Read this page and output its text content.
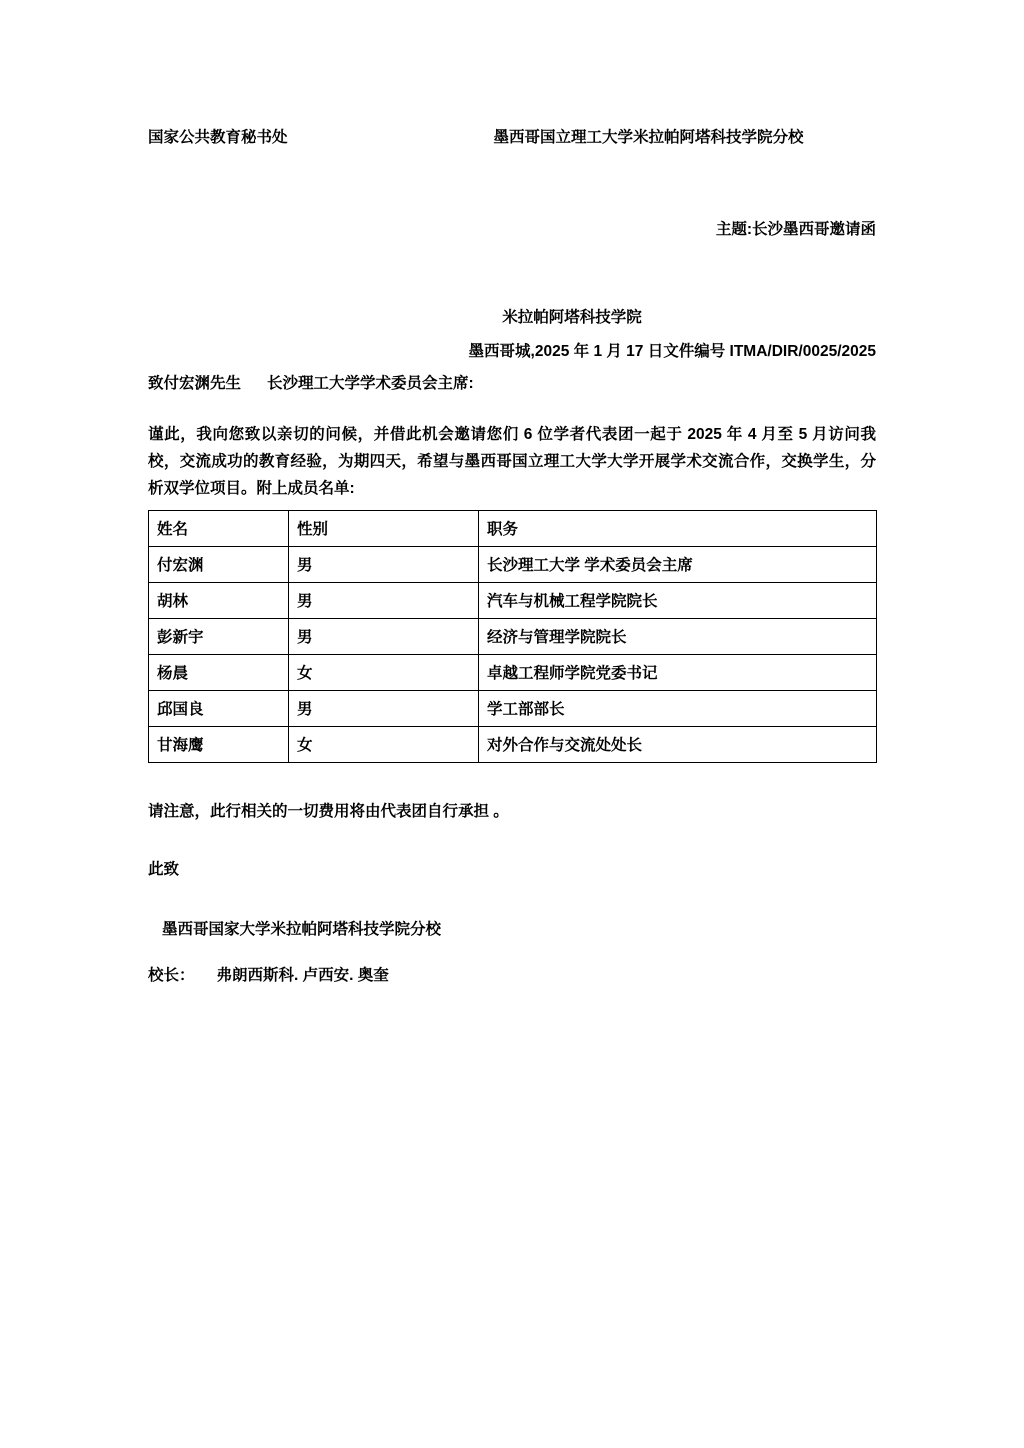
国家公共教育秘书处	墨西哥国立理工大学米拉帕阿塔科技学院分校
主题:长沙墨西哥邀请函
米拉帕阿塔科技学院
墨西哥城,2025 年 1 月 17 日文件编号 ITMA/DIR/0025/2025
致付宏渊先生 长沙理工大学学术委员会主席:
谨此，我向您致以亲切的问候，并借此机会邀请您们 6 位学者代表团一起于 2025 年 4 月至 5 月访问我校，交流成功的教育经验，为期四天，希望与墨西哥国立理工大学大学开展学术交流合作，交换学生，分析双学位项目。附上成员名单:
姓名	性别	职务
付宏渊	男	长沙理工大学 学术委员会主席
胡林	男	汽车与机械工程学院院长
彭新宇	男	经济与管理学院院长
杨晨	女	卓越工程师学院党委书记
邱国良	男	学工部部长
甘海鹰	女	对外合作与交流处处长
请注意，此行相关的一切费用将由代表团自行承担 。
此致
墨西哥国家大学米拉帕阿塔科技学院分校
校长： 弗朗西斯科. 卢西安. 奥奎
